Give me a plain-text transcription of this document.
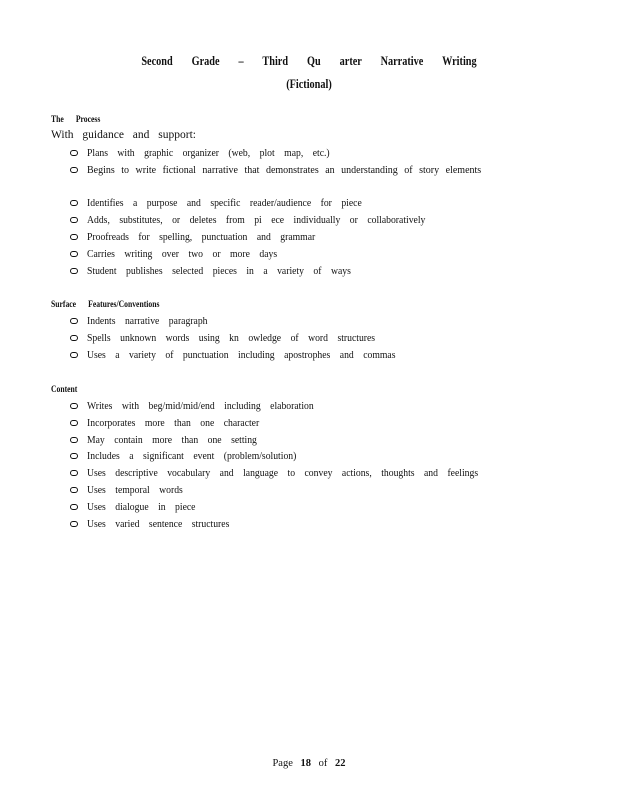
Second Grade – Third Qu arter Narrative Writing
(Fictional)
The Process
With guidance and support:
Plans with graphic organizer (web, plot map, etc.)
Begins to write fictional narrative that demonstrates an understanding of story elements
Identifies a purpose and specific reader/audience for piece
Adds, substitutes, or deletes from pi ece individually or collaboratively
Proofreads for spelling, punctuation and grammar
Carries writing over two or more days
Student publishes selected pieces in a variety of ways
Surface Features/Conventions
Indents narrative paragraph
Spells unknown words using kn owledge of word structures
Uses a variety of punctuation including apostrophes and commas
Content
Writes with beg/mid/mid/end including elaboration
Incorporates more than one character
May contain more than one setting
Includes a significant event (problem/solution)
Uses descriptive vocabulary and language to convey actions, thoughts and feelings
Uses temporal words
Uses dialogue in piece
Uses varied sentence structures
Page 18 of 22
